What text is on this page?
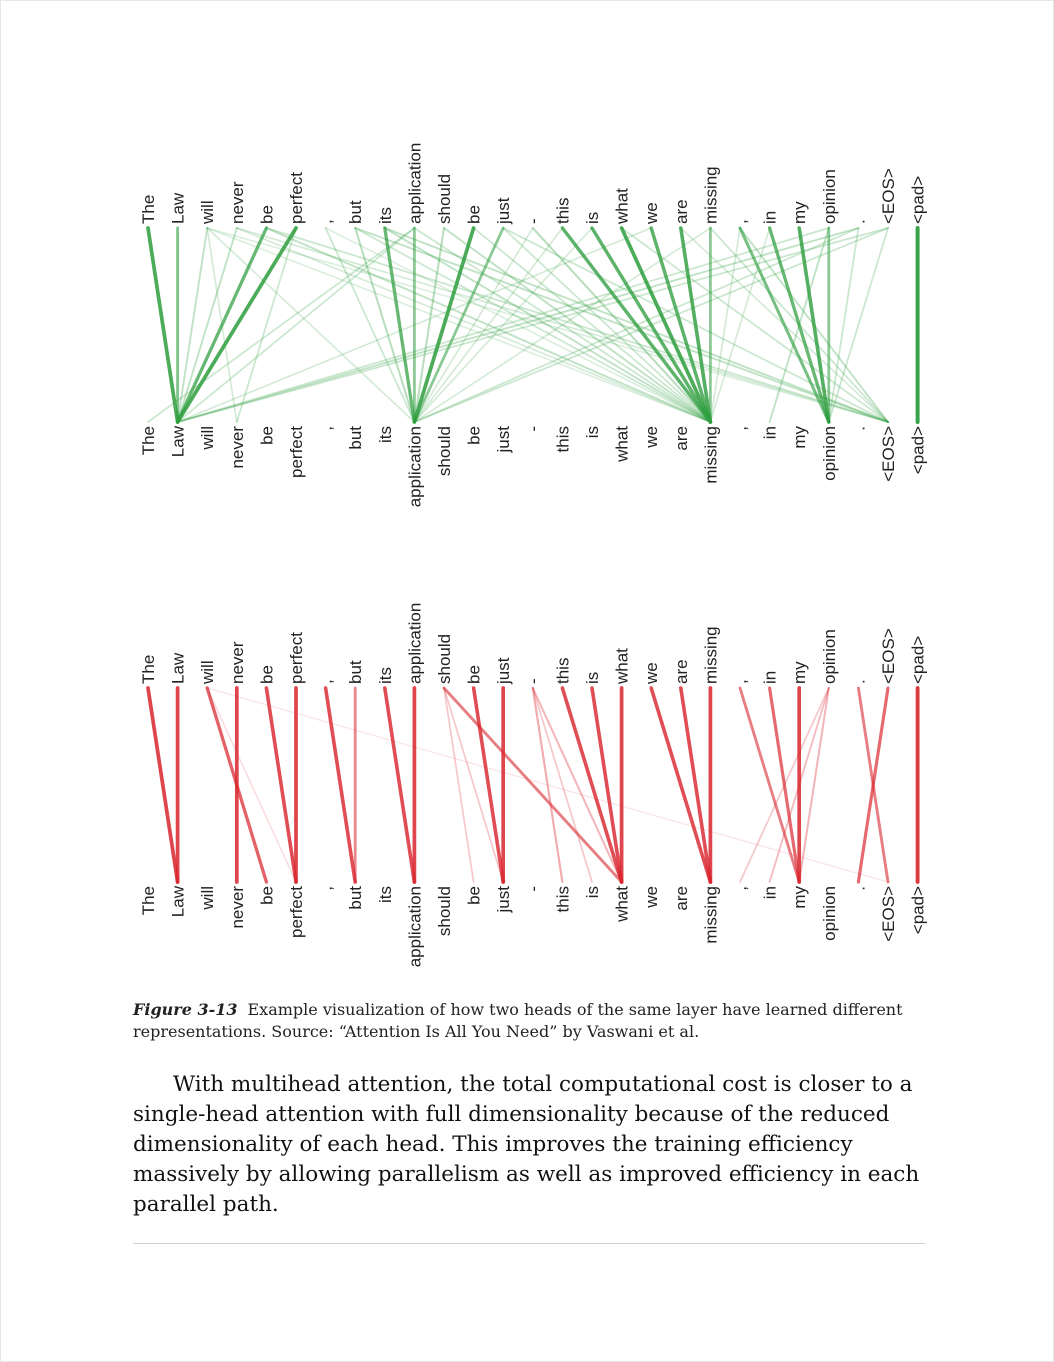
The
The
Law
Law
will
will
never
never
be
be
perfect
perfect
,
,
but
but
its
its
application
application
should
should
be
be
just
just
-
-
this
this
is
is
what
what
we
we
are
are
missing
missing
,
,
in
in
my
my
opinion
opinion
.
.
<EOS>
<EOS>
<pad>
<pad>
The
The
Law
Law
will
will
never
never
be
be
perfect
perfect
,
,
but
but
its
its
application
application
should
should
be
be
just
just
-
-
this
this
is
is
what
what
we
we
are
are
missing
missing
,
,
in
in
my
my
opinion
opinion
.
.
<EOS>
<EOS>
<pad>
<pad>
Figure 3-13 Example visualization of how two heads of the same layer have learned different representations. Source: “Attention Is All You Need” by Vaswani et al.

With multihead attention, the total computational cost is closer to a single-head attention with full dimensionality because of the reduced dimensionality of each head. This improves the training efficiency massively by allowing parallelism as well as improved efficiency in each parallel path.
